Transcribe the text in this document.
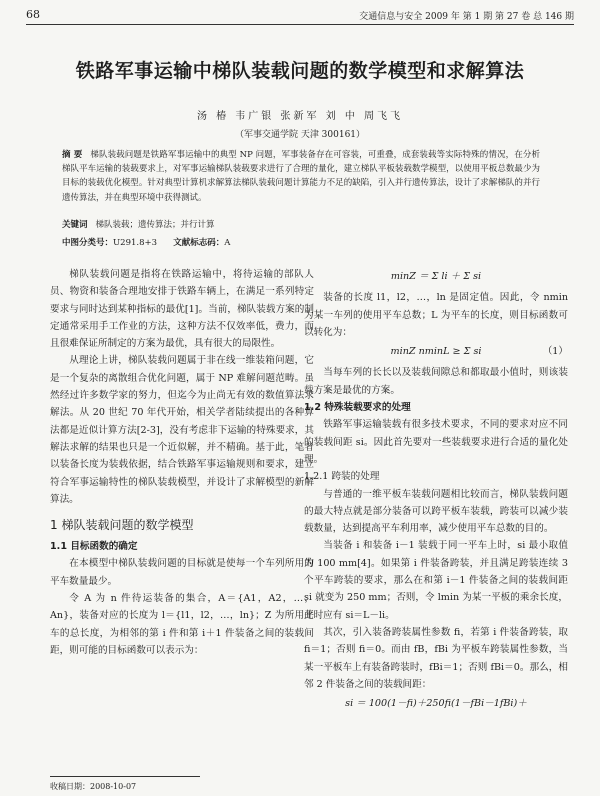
68	交通信息与安全 2009 年 第 1 期 第 27 卷 总 146 期
铁路军事运输中梯队装载问题的数学模型和求解算法
汤 椿 韦广银 张新军 刘 中 周飞飞
（军事交通学院 天津 300161）
摘 要 梯队装载问题是铁路军事运输中的典型 NP 问题，军事装备存在可容装，可重叠，成套装载等实际特殊的情况，在分析梯队平车运输的装载要求上，对军事运输梯队装载要求进行了合理的量化，建立梯队平板装载数学模型，以使用平板总数最少为目标的装载优化模型。针对典型计算机求解算法梯队装载问题计算能力不足的缺陷，引入并行遗传算法，设计了求解梯队的并行遗传算法，并在典型环境中获得测试。
关键词 梯队装载；遗传算法；并行计算
中图分类号：U291.8+3 文献标志码：A

梯队装载问题是指将在铁路运输中，将待运输的部队人员、物资和装备合理地安排于铁路车辆上，在满足一系列特定要求与同时达到某种指标的最优[1]。当前，梯队装载方案的制定通常采用手工作业的方法，这种方法不仅效率低，费力，而且很难保证所制定的方案为最优，具有很大的局限性。

从理论上讲，梯队装载问题属于非在线一维装箱问题，它是一个复杂的离散组合优化问题，属于 NP 难解问题范畴。虽然经过许多数学家的努力，但迄今为止尚无有效的数值算法求解法。从 20 世纪 70 年代开始，相关学者陆续提出的各种算法都是近似计算方法[2-3]，没有考虑非下运输的特殊要求，其解法求解的结果也只是一个近似解，并不精确。基于此，笔者以装备长度为装载依据，结合铁路军事运输规则和要求，建立符合军事运输特性的梯队装载模型，并设计了求解模型的新解算法。

1 梯队装载问题的数学模型
1.1 目标函数的确定

在本模型中梯队装载问题的目标就是使每一个车列所用的平车数量最少。

令 A 为 n 件待运装备的集合，A＝{A1，A2，…，An}，装备对应的长度为 l＝{l1，l2，…，ln}；Z 为所用平车的总长度，为相邻的第 i 件和第 i＋1 件装备之间的装载间距，则可能的目标函数可以表示为：

minZ ＝ Σ li ＋ Σ si

装备的长度 l1，l2，…，ln 是固定值。因此，令 nmin 为某一车列的使用平车总数；L 为平车的长度，则目标函数可以转化为：

minZ nminL ≥ Σ si	（1）

当每车列的长长以及装载间隙总和都取最小值时，则该装载方案是最优的方案。

1.2 特殊装载要求的处理

铁路军事运输装载有很多技术要求，不同的要求对应不同的装载间距 si。因此首先要对一些装载要求进行合适的量化处理。

1.2.1 跨装的处理

与普通的一维平板车装载问题相比较而言，梯队装载问题的最大特点就是部分装备可以跨平板车装载，跨装可以减少装载数量，达到提高平车利用率，减少使用平车总数的目的。

当装备 i 和装备 i－1 装载于同一平车上时，si 最小取值为 100 mm[4]。如果第 i 件装备跨装，并且满足跨装连续 3 个平车跨装的要求，那么在和第 i－1 件装备之间的装载间距 si 就变为 250 mm；否则，令 lmin 为某一平板的乘余长度，此时应有 si＝L－li。

其次，引入装备跨装属性参数 fi，若第 i 件装备跨装，取 fi＝1；否则 fi＝0。而由 fB，fBi 为平板车跨装属性参数，当某一平板车上有装备跨装时，fBi＝1；否则 fBi＝0。那么，相邻 2 件装备之间的装载间距：

si ＝ 100(1－fi)＋250fi(1－fBi－1fBi)＋
收稿日期：2008-10-07
